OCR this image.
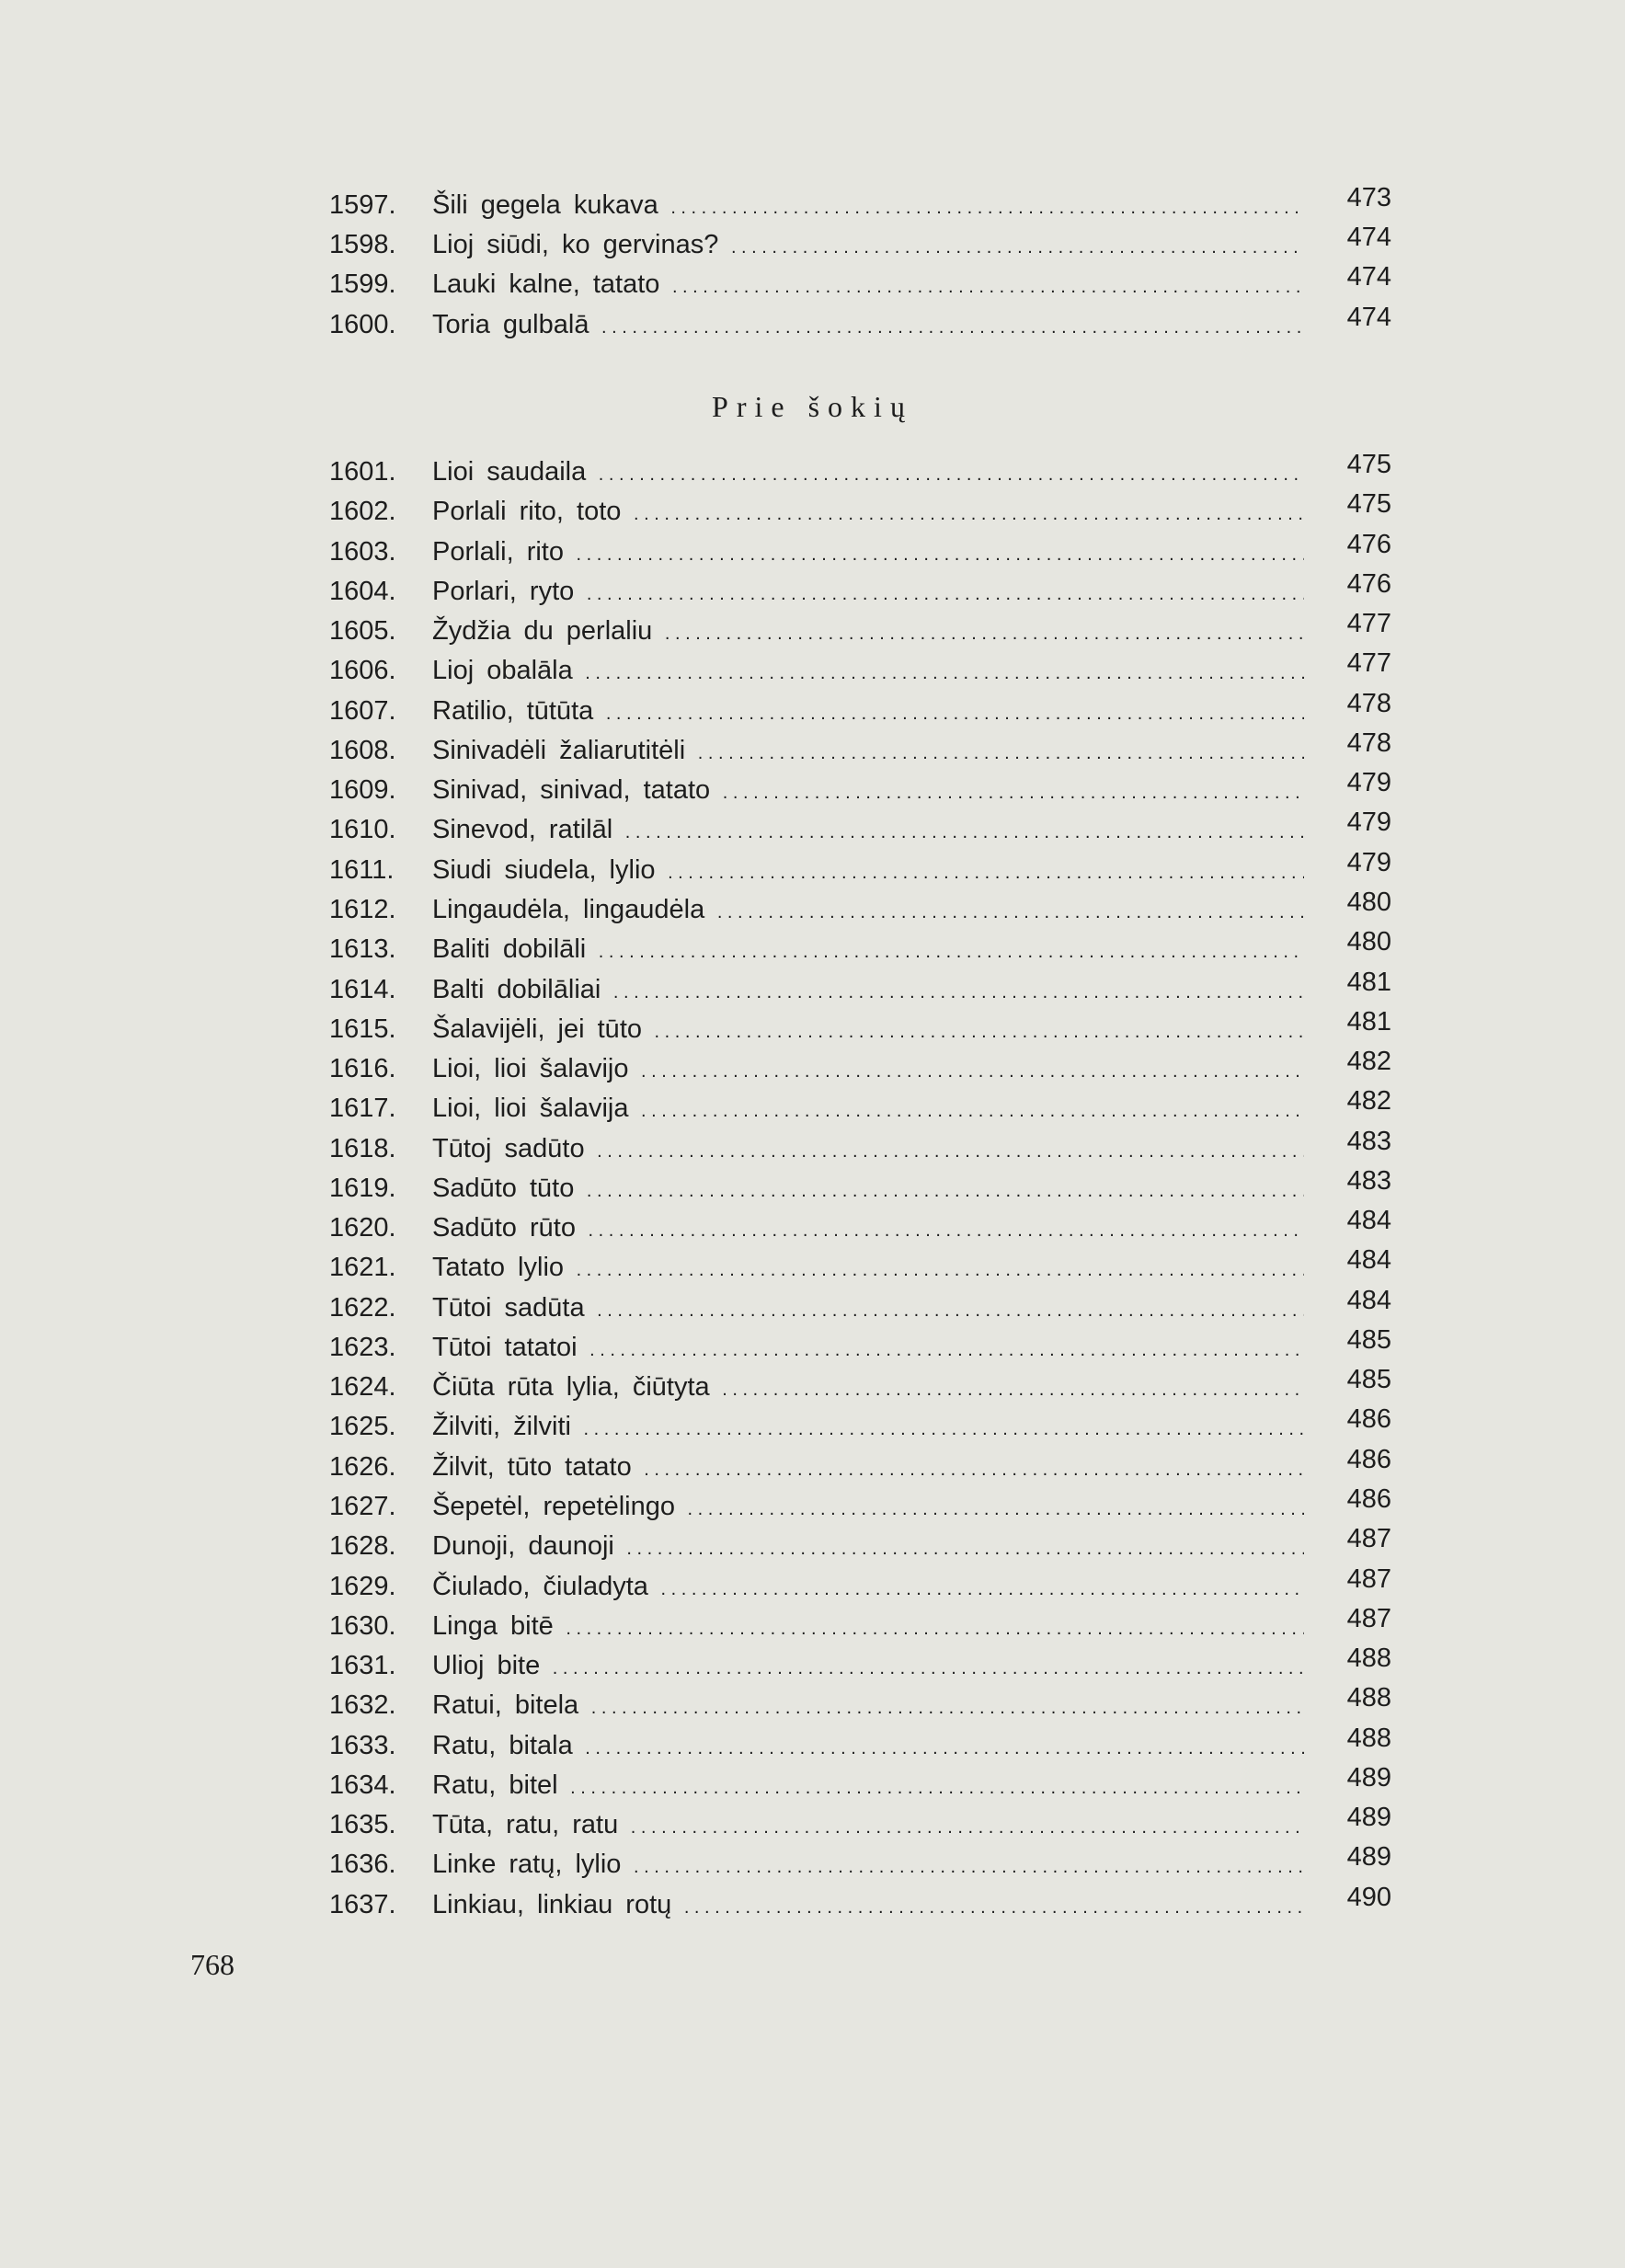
1597.	Šili gegela kukava . . .	473
1598.	Lioj siūdi, ko gervinas? . . .	474
1599.	Lauki kalne, tatato . . .	474
1600.	Toria gulbalā . . .	474
1601.	Lioi saudaila . . .	475
1602.	Porlali rito, toto . . .	475
1603.	Porlali, rito . . .	476
1604.	Porlari, ryto . . .	476
1605.	Žydžia du perlaliu . . .	477
1606.	Lioj obalāla . . .	477
1607.	Ratilio, tūtūta . . .	478
1608.	Sinivadėli žaliarutitėli . . .	478
1609.	Sinivad, sinivad, tatato . . .	479
1610.	Sinevod, ratilāl . . .	479
1611.	Siudi siudela, lylio . . .	479
1612.	Lingaudėla, lingaudėla . . .	480
1613.	Baliti dobilāli . . .	480
1614.	Balti dobilāliai . . .	481
1615.	Šalavijėli, jei tūto . . .	481
1616.	Lioi, lioi šalavijo . . .	482
1617.	Lioi, lioi šalavija . . .	482
1618.	Tūtoj sadūto . . .	483
1619.	Sadūto tūto . . .	483
1620.	Sadūto rūto . . .	484
1621.	Tatato lylio . . .	484
1622.	Tūtoi sadūta . . .	484
1623.	Tūtoi tatatoi . . .	485
1624.	Čiūta rūta lylia, čiūtyta . . .	485
1625.	Žilviti, žilviti . . .	486
1626.	Žilvit, tūto tatato . . .	486
1627.	Šepetėl, repetėlingo . . .	486
1628.	Dunoji, daunoji . . .	487
1629.	Čiulado, čiuladyta . . .	487
1630.	Linga bitē . . .	487
1631.	Ulioj bite . . .	488
1632.	Ratui, bitela . . .	488
1633.	Ratu, bitala . . .	488
1634.	Ratu, bitel . . .	489
1635.	Tūta, ratu, ratu . . .	489
1636.	Linke ratų, lylio . . .	489
1637.	Linkiau, linkiau rotų . . .	490
Prie šokių
768
